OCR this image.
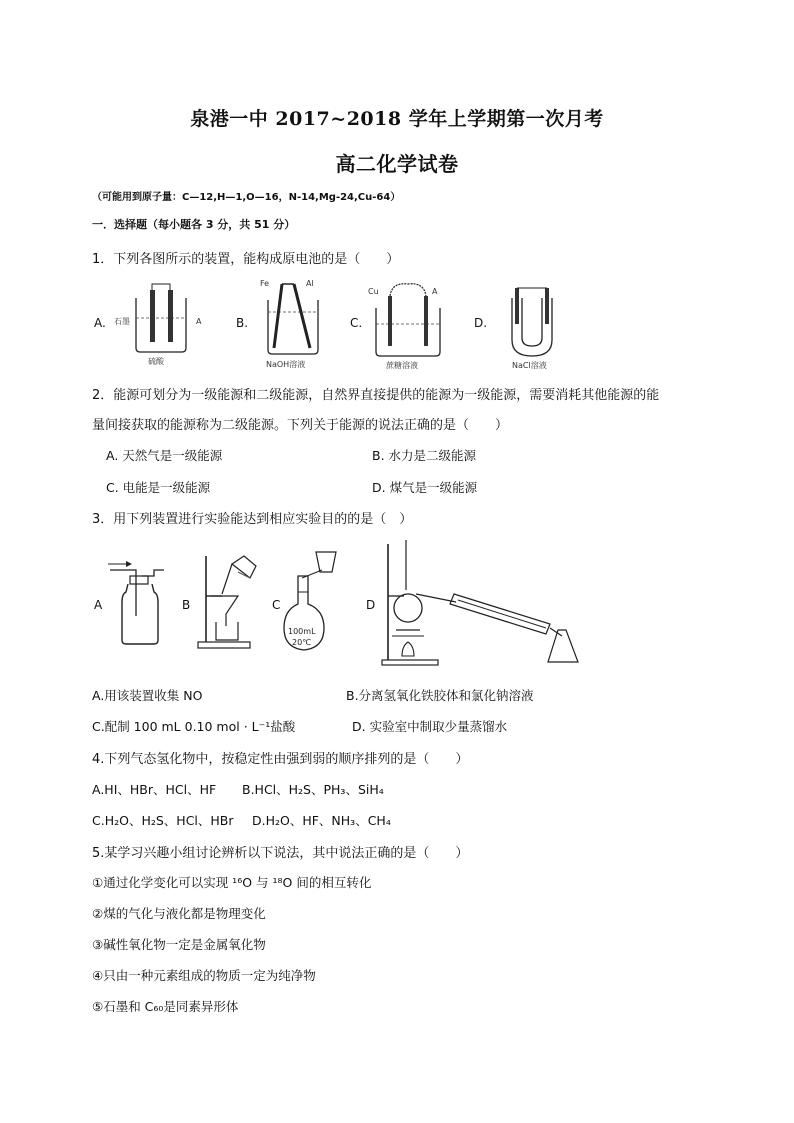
泉港一中 2017~2018 学年上学期第一次月考
高二化学试卷
（可能用到原子量：C—12,H—1,O—16，N-14,Mg-24,Cu-64）
一．选择题（每小题各 3 分，共 51 分）
1．下列各图所示的装置，能构成原电池的是（　　）
A. 石墨	A
硫酸
B.
Fe	Al
NaOH溶液
C.
Cu	A
蔗糖溶液
D.
NaCl溶液
2．能源可划分为一级能源和二级能源，自然界直接提供的能源为一级能源，需要消耗其他能源的能
量间接获取的能源称为二级能源。下列关于能源的说法正确的是（　　）
A. 天然气是一级能源	B. 水力是二级能源
C. 电能是一级能源	D. 煤气是一级能源
3．用下列装置进行实验能达到相应实验目的的是（　）
A	B	C
100mL
20℃
D
A.用该装置收集 NO	B.分离氢氧化铁胶体和氯化钠溶液
C.配制 100 mL 0.10 mol · L⁻¹盐酸	D. 实验室中制取少量蒸馏水
4.下列气态氢化物中，按稳定性由强到弱的顺序排列的是（　　）
A.HI、HBr、HCl、HF B.HCl、H₂S、PH₃、SiH₄
C.H₂O、H₂S、HCl、HBr D.H₂O、HF、NH₃、CH₄
5.某学习兴趣小组讨论辨析以下说法，其中说法正确的是（　　）
①通过化学变化可以实现 ¹⁶O 与 ¹⁸O 间的相互转化
②煤的气化与液化都是物理变化
③碱性氧化物一定是金属氧化物
④只由一种元素组成的物质一定为纯净物
⑤石墨和 C₆₀是同素异形体
